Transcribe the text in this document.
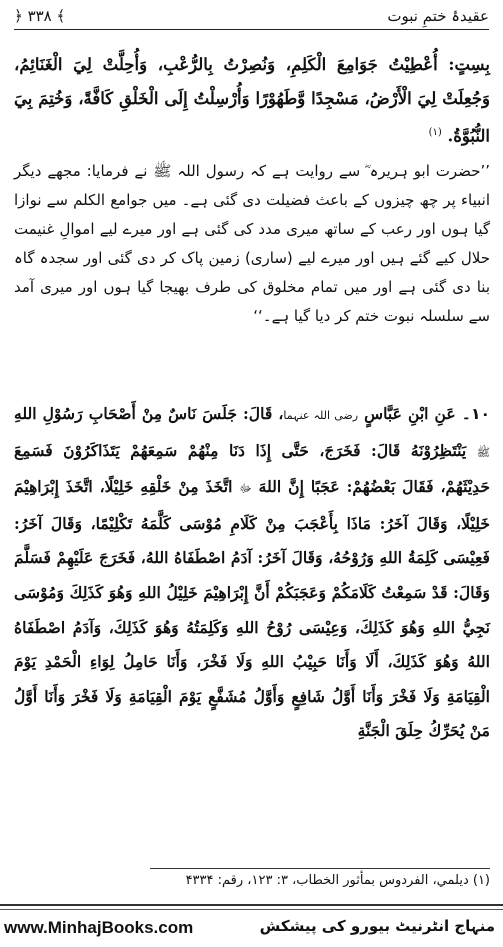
عقیدۂ ختمِ نبوت
﴾ ۳۳۸ ﴿
بِسِتٍ: أُعْطِيْتُ جَوَامِعَ الْكَلِمِ، وَنُصِرْتُ بِالرُّعْبِ، وَأُحِلَّتْ لِيَ الْغَنَائِمُ، وَجُعِلَتْ لِيَ الْأَرْضُ، مَسْجِدًا وَّطَهُوْرًا وَأُرْسِلْتُ إِلَى الْخَلْقِ كَافَّةً، وَخُتِمَ بِيَ النُّبُوَّةُ. $^{(۱)}$
’’حضرت ابو ہریرہ ؓ سے روایت ہے کہ رسول اللہ ﷺ نے فرمایا: مجھے دیگر انبیاء پر چھ چیزوں کے باعث فضیلت دی گئی ہے۔ میں جوامع الکلم سے نوازا گیا ہوں اور رعب کے ساتھ میری مدد کی گئی ہے اور میرے لیے اموالِ غنیمت حلال کیے گئے ہیں اور میرے لیے (ساری) زمین پاک کر دی گئی اور سجدہ گاہ بنا دی گئی ہے اور میں تمام مخلوق کی طرف بھیجا گیا ہوں اور میری آمد سے سلسلہ نبوت ختم کر دیا گیا ہے۔‘‘
۱۰۔ عَنِ ابْنِ عَبَّاسٍ رضی اللہ عنہما، قَالَ: جَلَسَ نَاسٌ مِنْ أَصْحَابِ رَسُوْلِ اللهِ ﷺ يَنْتَظِرُوْنَهُ قَالَ: فَخَرَجَ، حَتَّى إِذَا دَنَا مِنْهُمْ سَمِعَهُمْ يَتَذَاكَرُوْنَ فَسَمِعَ حَدِيْثَهُمْ، فَقَالَ بَعْضُهُمْ: عَجَبًا إِنَّ اللهَ ﷻ اتَّخَذَ مِنْ خَلْقِهِ خَلِيْلًا، اتَّخَذَ إِبْرَاهِيْمَ خَلِيْلًا، وَقَالَ آخَرُ: مَاذَا بِأَعْجَبَ مِنْ كَلَامِ مُوْسَى كَلَّمَهُ تَكْلِيْمًا، وَقَالَ آخَرُ: فَعِيْسَى كَلِمَةُ اللهِ وَرُوْحُهُ، وَقَالَ آخَرُ: آدَمُ اصْطَفَاهُ اللهُ، فَخَرَجَ عَلَيْهِمْ فَسَلَّمَ وَقَالَ: قَدْ سَمِعْتُ كَلَامَكُمْ وَعَجَبَكُمْ أَنَّ إِبْرَاهِيْمَ خَلِيْلُ اللهِ وَهُوَ كَذَلِكَ وَمُوْسَى نَجِيُّ اللهِ وَهُوَ كَذَلِكَ، وَعِيْسَى رُوْحُ اللهِ وَكَلِمَتُهُ وَهُوَ كَذَلِكَ، وَآدَمُ اصْطَفَاهُ اللهُ وَهُوَ كَذَلِكَ، أَلَا وَأَنَا حَبِيْبُ اللهِ وَلَا فَخْرَ، وَأَنَا حَامِلُ لِوَاءِ الْحَمْدِ يَوْمَ الْقِيَامَةِ وَلَا فَخْرَ وَأَنَا أَوَّلُ شَافِعٍ وَأَوَّلُ مُشَفَّعٍ يَوْمَ الْقِيَامَةِ وَلَا فَخْرَ وَأَنَا أَوَّلُ مَنْ يُحَرِّكُ حِلَقَ الْجَنَّةِ
(۱) دیلمي، الفردوس بمأثور الخطاب، ۳: ۱۲۳، رقم: ۴۳۳۴
www.MinhajBooks.com	منہاج انٹرنیٹ بیورو کی پیشکش
